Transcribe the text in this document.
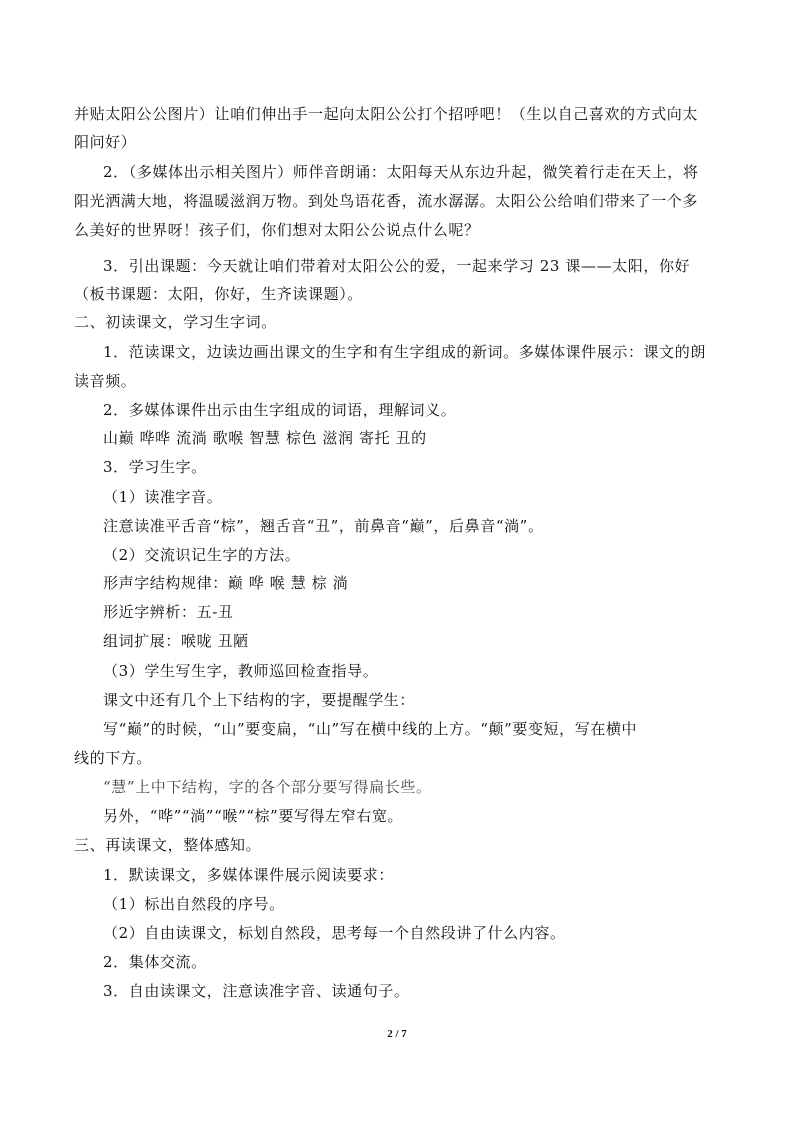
并贴太阳公公图片）让咱们伸出手一起向太阳公公打个招呼吧！（生以自己喜欢的方式向太
阳问好）
2．（多媒体出示相关图片）师伴音朗诵：太阳每天从东边升起，微笑着行走在天上，将
阳光洒满大地，将温暖滋润万物。到处鸟语花香，流水潺潺。太阳公公给咱们带来了一个多
么美好的世界呀！孩子们，你们想对太阳公公说点什么呢？
3．引出课题：今天就让咱们带着对太阳公公的爱，一起来学习 23 课——太阳，你好
（板书课题：太阳，你好，生齐读课题）。
二、初读课文，学习生字词。
1．范读课文，边读边画出课文的生字和有生字组成的新词。多媒体课件展示：课文的朗
读音频。
2．多媒体课件出示由生字组成的词语，理解词义。
山巅 哗哗 流淌 歌喉 智慧 棕色 滋润 寄托 丑的
3．学习生字。
（1）读准字音。
注意读准平舌音“棕”，翘舌音“丑”，前鼻音“巅”，后鼻音“淌”。
（2）交流识记生字的方法。
形声字结构规律：巅 哗 喉 慧 棕 淌
形近字辨析：五-丑
组词扩展：喉咙 丑陋
（3）学生写生字，教师巡回检查指导。
课文中还有几个上下结构的字，要提醒学生：
写“巅”的时候，“山”要变扁，“山”写在横中线的上方。“颠”要变短，写在横中
线的下方。
“慧”上中下结构，字的各个部分要写得扁长些。
另外，“哗”“淌”“喉”“棕”要写得左窄右宽。
三、再读课文，整体感知。
1．默读课文，多媒体课件展示阅读要求：
（1）标出自然段的序号。
（2）自由读课文，标划自然段，思考每一个自然段讲了什么内容。
2．集体交流。
3．自由读课文，注意读准字音、读通句子。
2 / 7
